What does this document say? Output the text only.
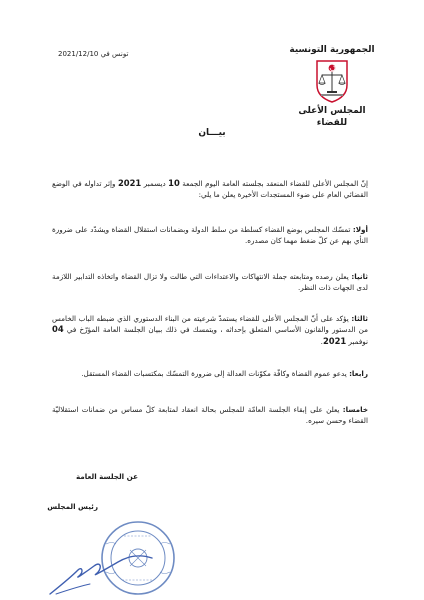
تونس في 2021/12/10	الجمهورية التونسية
المجلس الأعلى للقضاء
بيـــان
إنّ المجلس الأعلى للقضاء المنعقد بجلسته العامة اليوم الجمعة 10 ديسمبر 2021 وإثر تداوله في الوضع القضائي العام على ضوء المستجدات الأخيرة يعلن ما يلي:
أولا: تمسّك المجلس بوضع القضاء كسلطة من سلط الدولة وبضمانات استقلال القضاة ويشدّد على ضرورة النأي بهم عن كلّ ضغط مهما كان مصدره.
ثانيا: يعلن رصده ومتابعته جملة الانتهاكات والاعتداءات التي طالت ولا تزال القضاة واتخاذه التدابير اللازمة لدى الجهات ذات النظر.
ثالثا: يؤكد على أنّ المجلس الأعلى للقضاء يستمدّ شرعيته من البناء الدستوري الذي ضبطه الباب الخامس من الدستور والقانون الأساسي المتعلق بإحداثه ، ويتمسك في ذلك ببيان الجلسة العامة المؤرّخ في 04 نوفمبر 2021.
رابعا: يدعو عموم القضاة وكافّة مكوّنات العدالة إلى ضرورة التمسّك بمكتسبات القضاء المستقل.
خامسا: يعلن على إبقاء الجلسة العامّة للمجلس بحالة انعقاد لمتابعة كلّ مساس من ضمانات استقلاليّة القضاء وحسن سيره.
عن الجلسة العامة
رئيس المجلس
